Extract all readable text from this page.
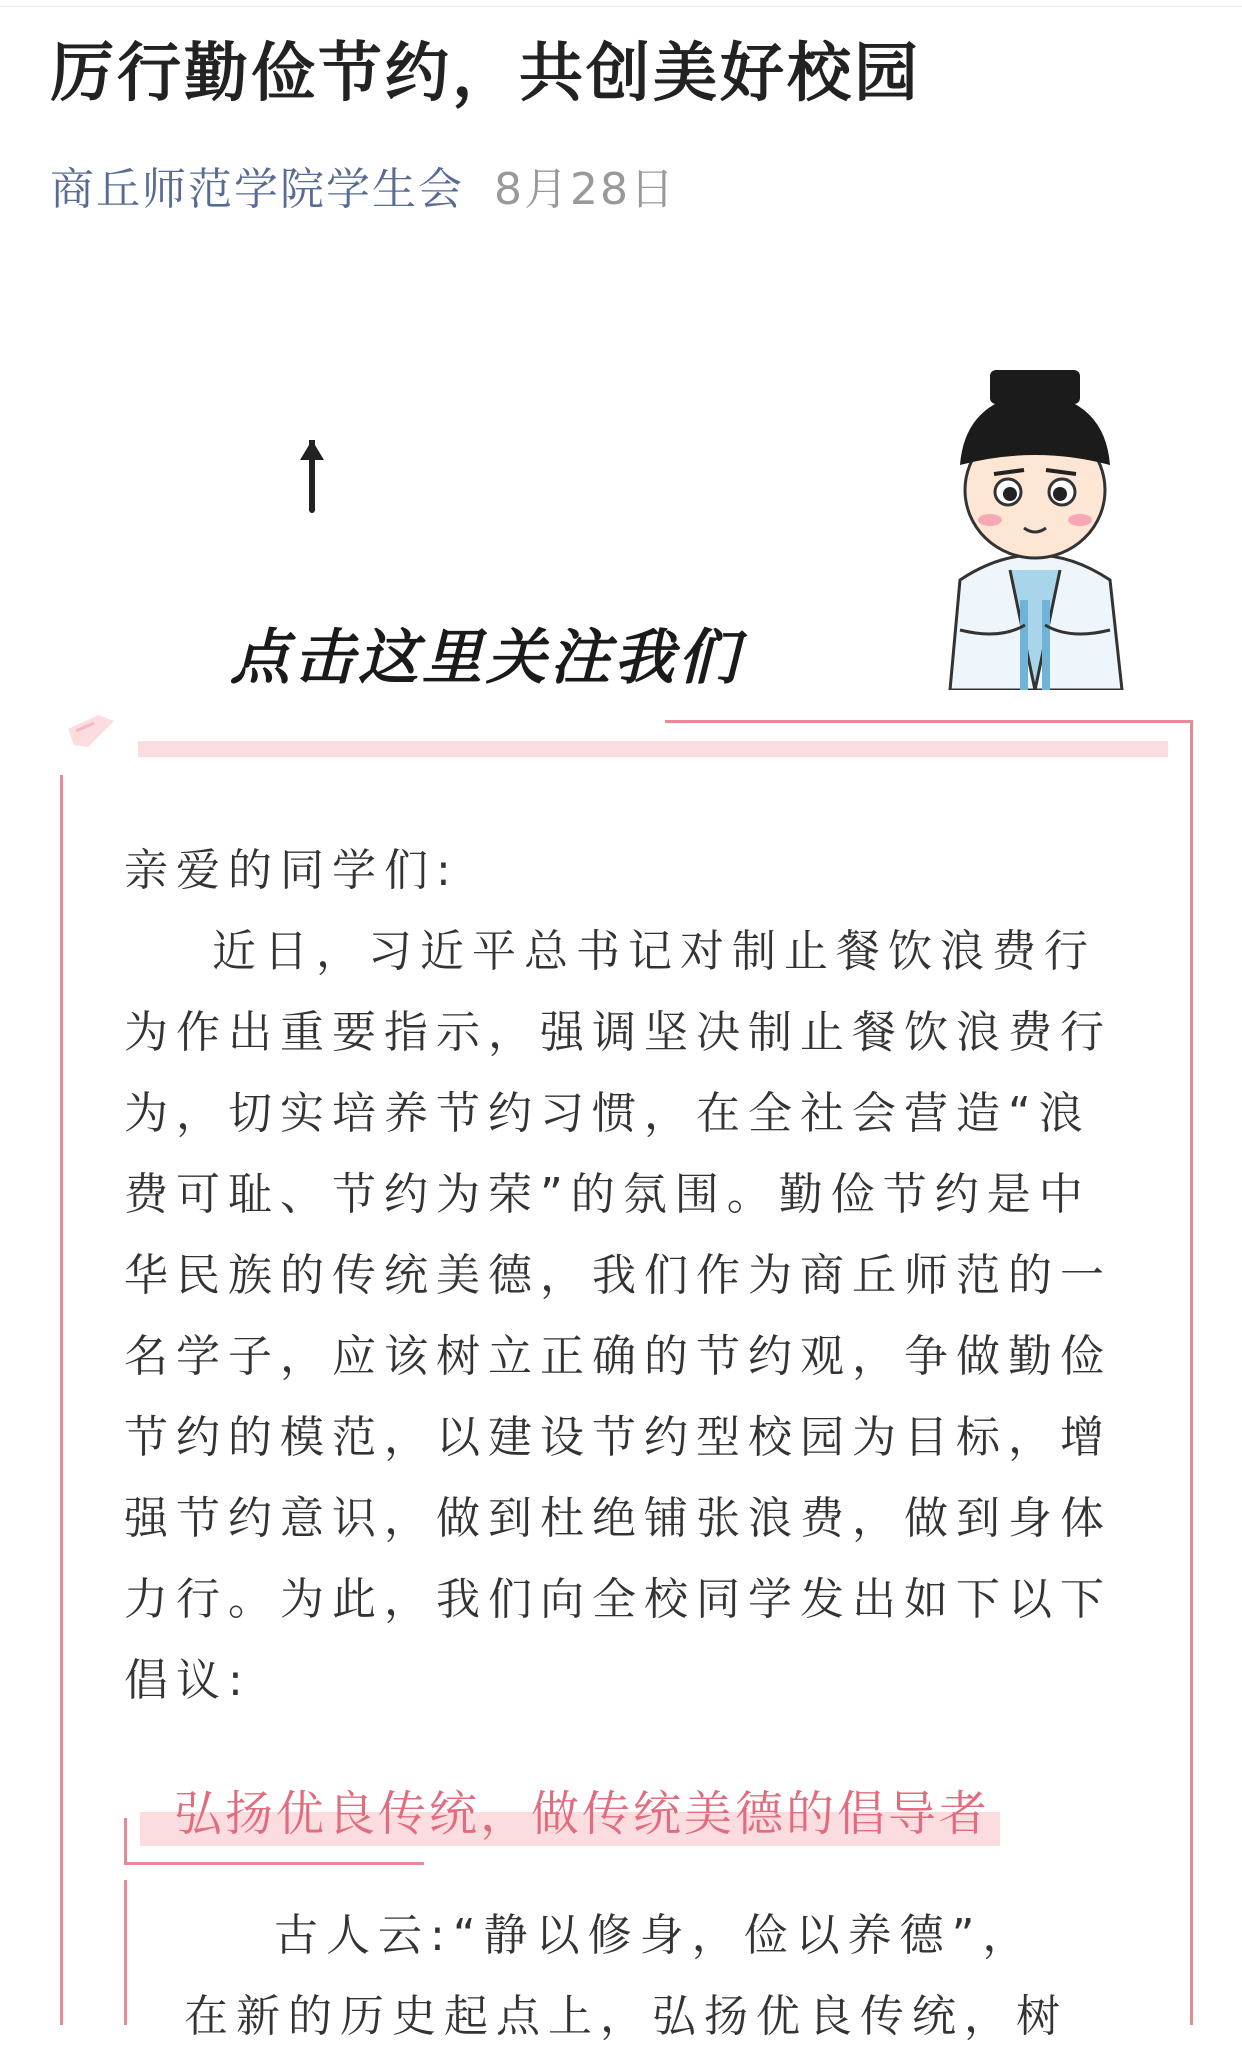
厉行勤俭节约，共创美好校园
商丘师范学院学生会 8月28日
点击这里关注我们

亲爱的同学们:

近日，习近平总书记对制止餐饮浪费行为作出重要指示，强调坚决制止餐饮浪费行为，切实培养节约习惯，在全社会营造“浪费可耻、节约为荣”的氛围。勤俭节约是中华民族的传统美德，我们作为商丘师范的一名学子，应该树立正确的节约观，争做勤俭节约的模范，以建设节约型校园为目标，增强节约意识，做到杜绝铺张浪费，做到身体力行。为此，我们向全校同学发出如下以下倡议:

弘扬优良传统，做传统美德的倡导者

古人云:“静以修身，俭以养德”，

在新的历史起点上，弘扬优良传统，树
